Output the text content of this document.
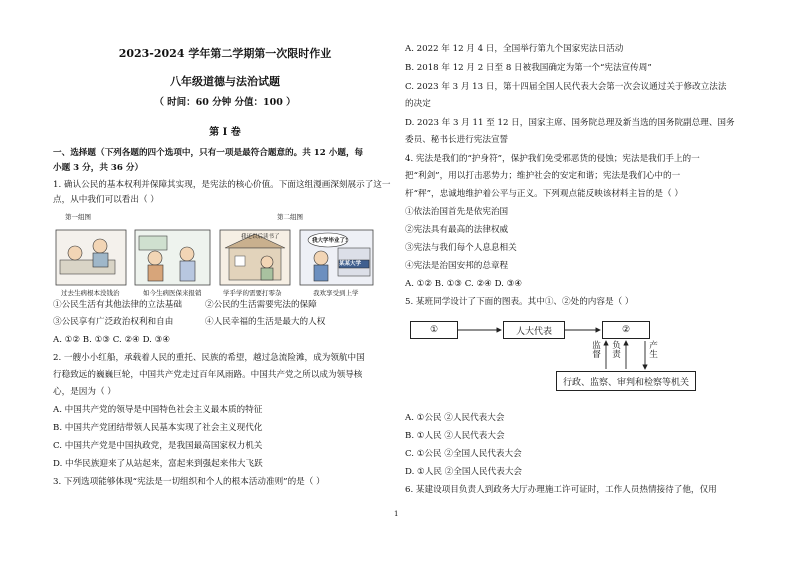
2023-2024 学年第二学期第一次限时作业
八年级道德与法治试题
（ 时间：60 分钟 分值：100 ）
第 I 卷
一、选择题（下列各题的四个选项中，只有一项是最符合题意的。共 12 小题，每
小题 3 分，共 36 分）
1. 确认公民的基本权利并保障其实现，是宪法的核心价值。下面这组漫画深刻展示了这一
点，从中我们可以看出（ ）
第一组图	第二组图
我还以后读书了
我大学毕业了!
某某大学
过去生病根本没钱治	如今生病医保来报销	学乎学的需要打零杂	我欢享受到上学
①公民生活有其他法律的立法基础	②公民的生活需要宪法的保障
③公民享有广泛政治权利和自由	④人民幸福的生活是最大的人权
A. ①② B. ①③ C. ②④ D. ③④
2. 一艘小小红船，承载着人民的重托、民族的希望，越过急流险滩，成为领航中国
行稳致远的巍巍巨轮，中国共产党走过百年风雨路。中国共产党之所以成为领导核
心，是因为（ ）
A. 中国共产党的领导是中国特色社会主义最本质的特征
B. 中国共产党团结带领人民基本实现了社会主义现代化
C. 中国共产党是中国执政党，是我国最高国家权力机关
D. 中华民族迎来了从站起来，富起来到强起来伟大飞跃
3. 下列选项能够体现“宪法是一切组织和个人的根本活动准则”的是（ ）
A. 2022 年 12 月 4 日，全国举行第九个国家宪法日活动
B. 2018 年 12 月 2 日至 8 日被我国确定为第一个“宪法宣传周”
C. 2023 年 3 月 13 日，第十四届全国人民代表大会第一次会议通过关于修改立法法
的决定
D. 2023 年 3 月 11 至 12 日，国家主席、国务院总理及新当选的国务院副总理、国务
委员、秘书长进行宪法宣誓
4. 宪法是我们的“护身符”，保护我们免受邪恶货的侵蚀；宪法是我们手上的一
把“利剑”，用以打击恶势力；维护社会的安定和谐；宪法是我们心中的一
杆“秤”，忠诚地维护着公平与正义。下列观点能反映该材料主旨的是（ ）
①依法治国首先是依宪治国
②宪法具有最高的法律权威
③宪法与我们每个人息息相关
④宪法是治国安邦的总章程
A. ①② B. ①③ C. ②④ D. ③④
5. 某班同学设计了下面的图表。其中①、②处的内容是（ ）
①	人大代表	②
行政、监察、审判和检察等机关
监督
负责
产生
A. ①公民 ②人民代表大会
B. ①人民 ②人民代表大会
C. ①公民 ②全国人民代表大会
D. ①人民 ②全国人民代表大会
6. 某建设项目负责人到政务大厅办理施工许可证时，工作人员热情接待了他，仅用
1
